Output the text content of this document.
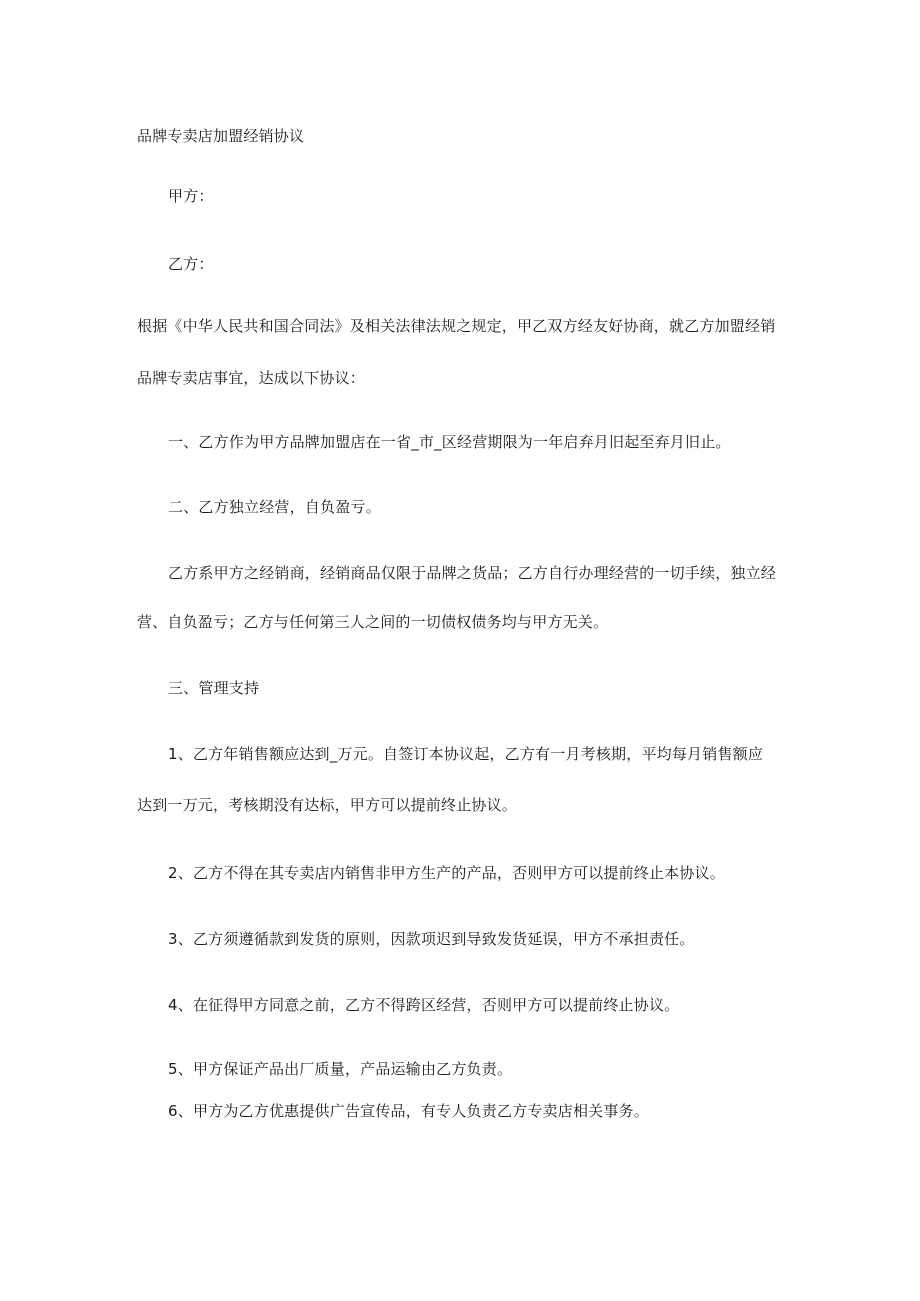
品牌专卖店加盟经销协议
甲方：
乙方：
根据《中华人民共和国合同法》及相关法律法规之规定，甲乙双方经友好协商，就乙方加盟经销
品牌专卖店事宜，达成以下协议：
一、乙方作为甲方品牌加盟店在一省_市_区经营期限为一年启弃月旧起至弃月旧止。
二、乙方独立经营，自负盈亏。
乙方系甲方之经销商，经销商品仅限于品牌之货品；乙方自行办理经营的一切手续，独立经
营、自负盈亏；乙方与任何第三人之间的一切债权债务均与甲方无关。
三、管理支持
1、乙方年销售额应达到_万元。自签订本协议起，乙方有一月考核期，平均每月销售额应
达到一万元，考核期没有达标，甲方可以提前终止协议。
2、乙方不得在其专卖店内销售非甲方生产的产品，否则甲方可以提前终止本协议。
3、乙方须遵循款到发货的原则，因款项迟到导致发货延误，甲方不承担责任。
4、在征得甲方同意之前，乙方不得跨区经营，否则甲方可以提前终止协议。
5、甲方保证产品出厂质量，产品运输由乙方负责。
6、甲方为乙方优惠提供广告宣传品，有专人负责乙方专卖店相关事务。
